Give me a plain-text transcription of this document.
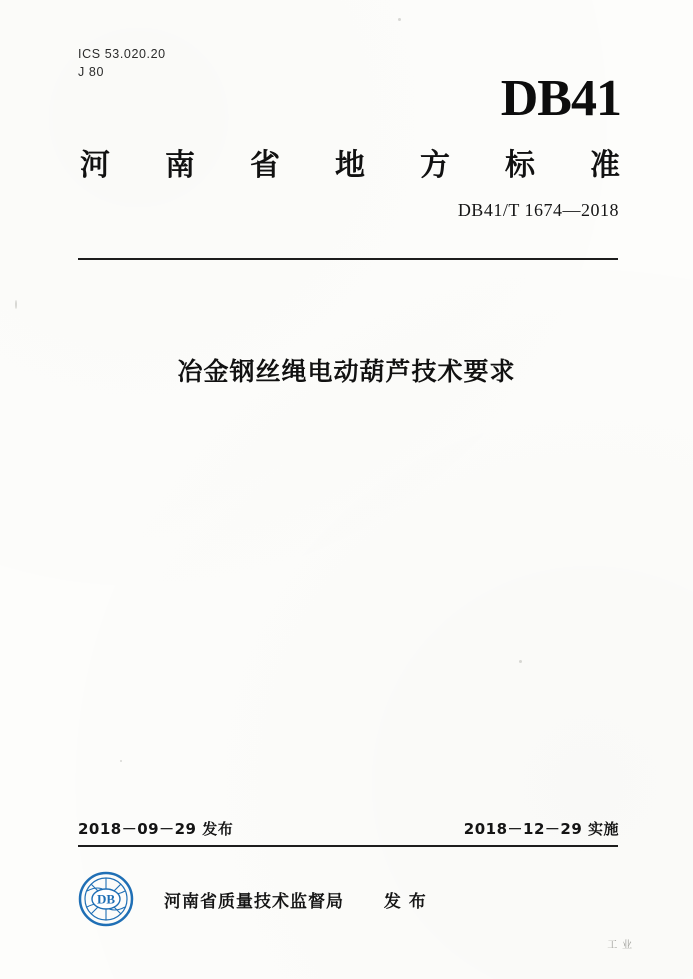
ICS 53.020.20
J 80	DB41
河 南 省 地 方 标 准
DB41/T 1674—2018
冶金钢丝绳电动葫芦技术要求
2018－09－29 发布	2018－12－29 实施
DB	河南省质量技术监督局 发 布
工 业
